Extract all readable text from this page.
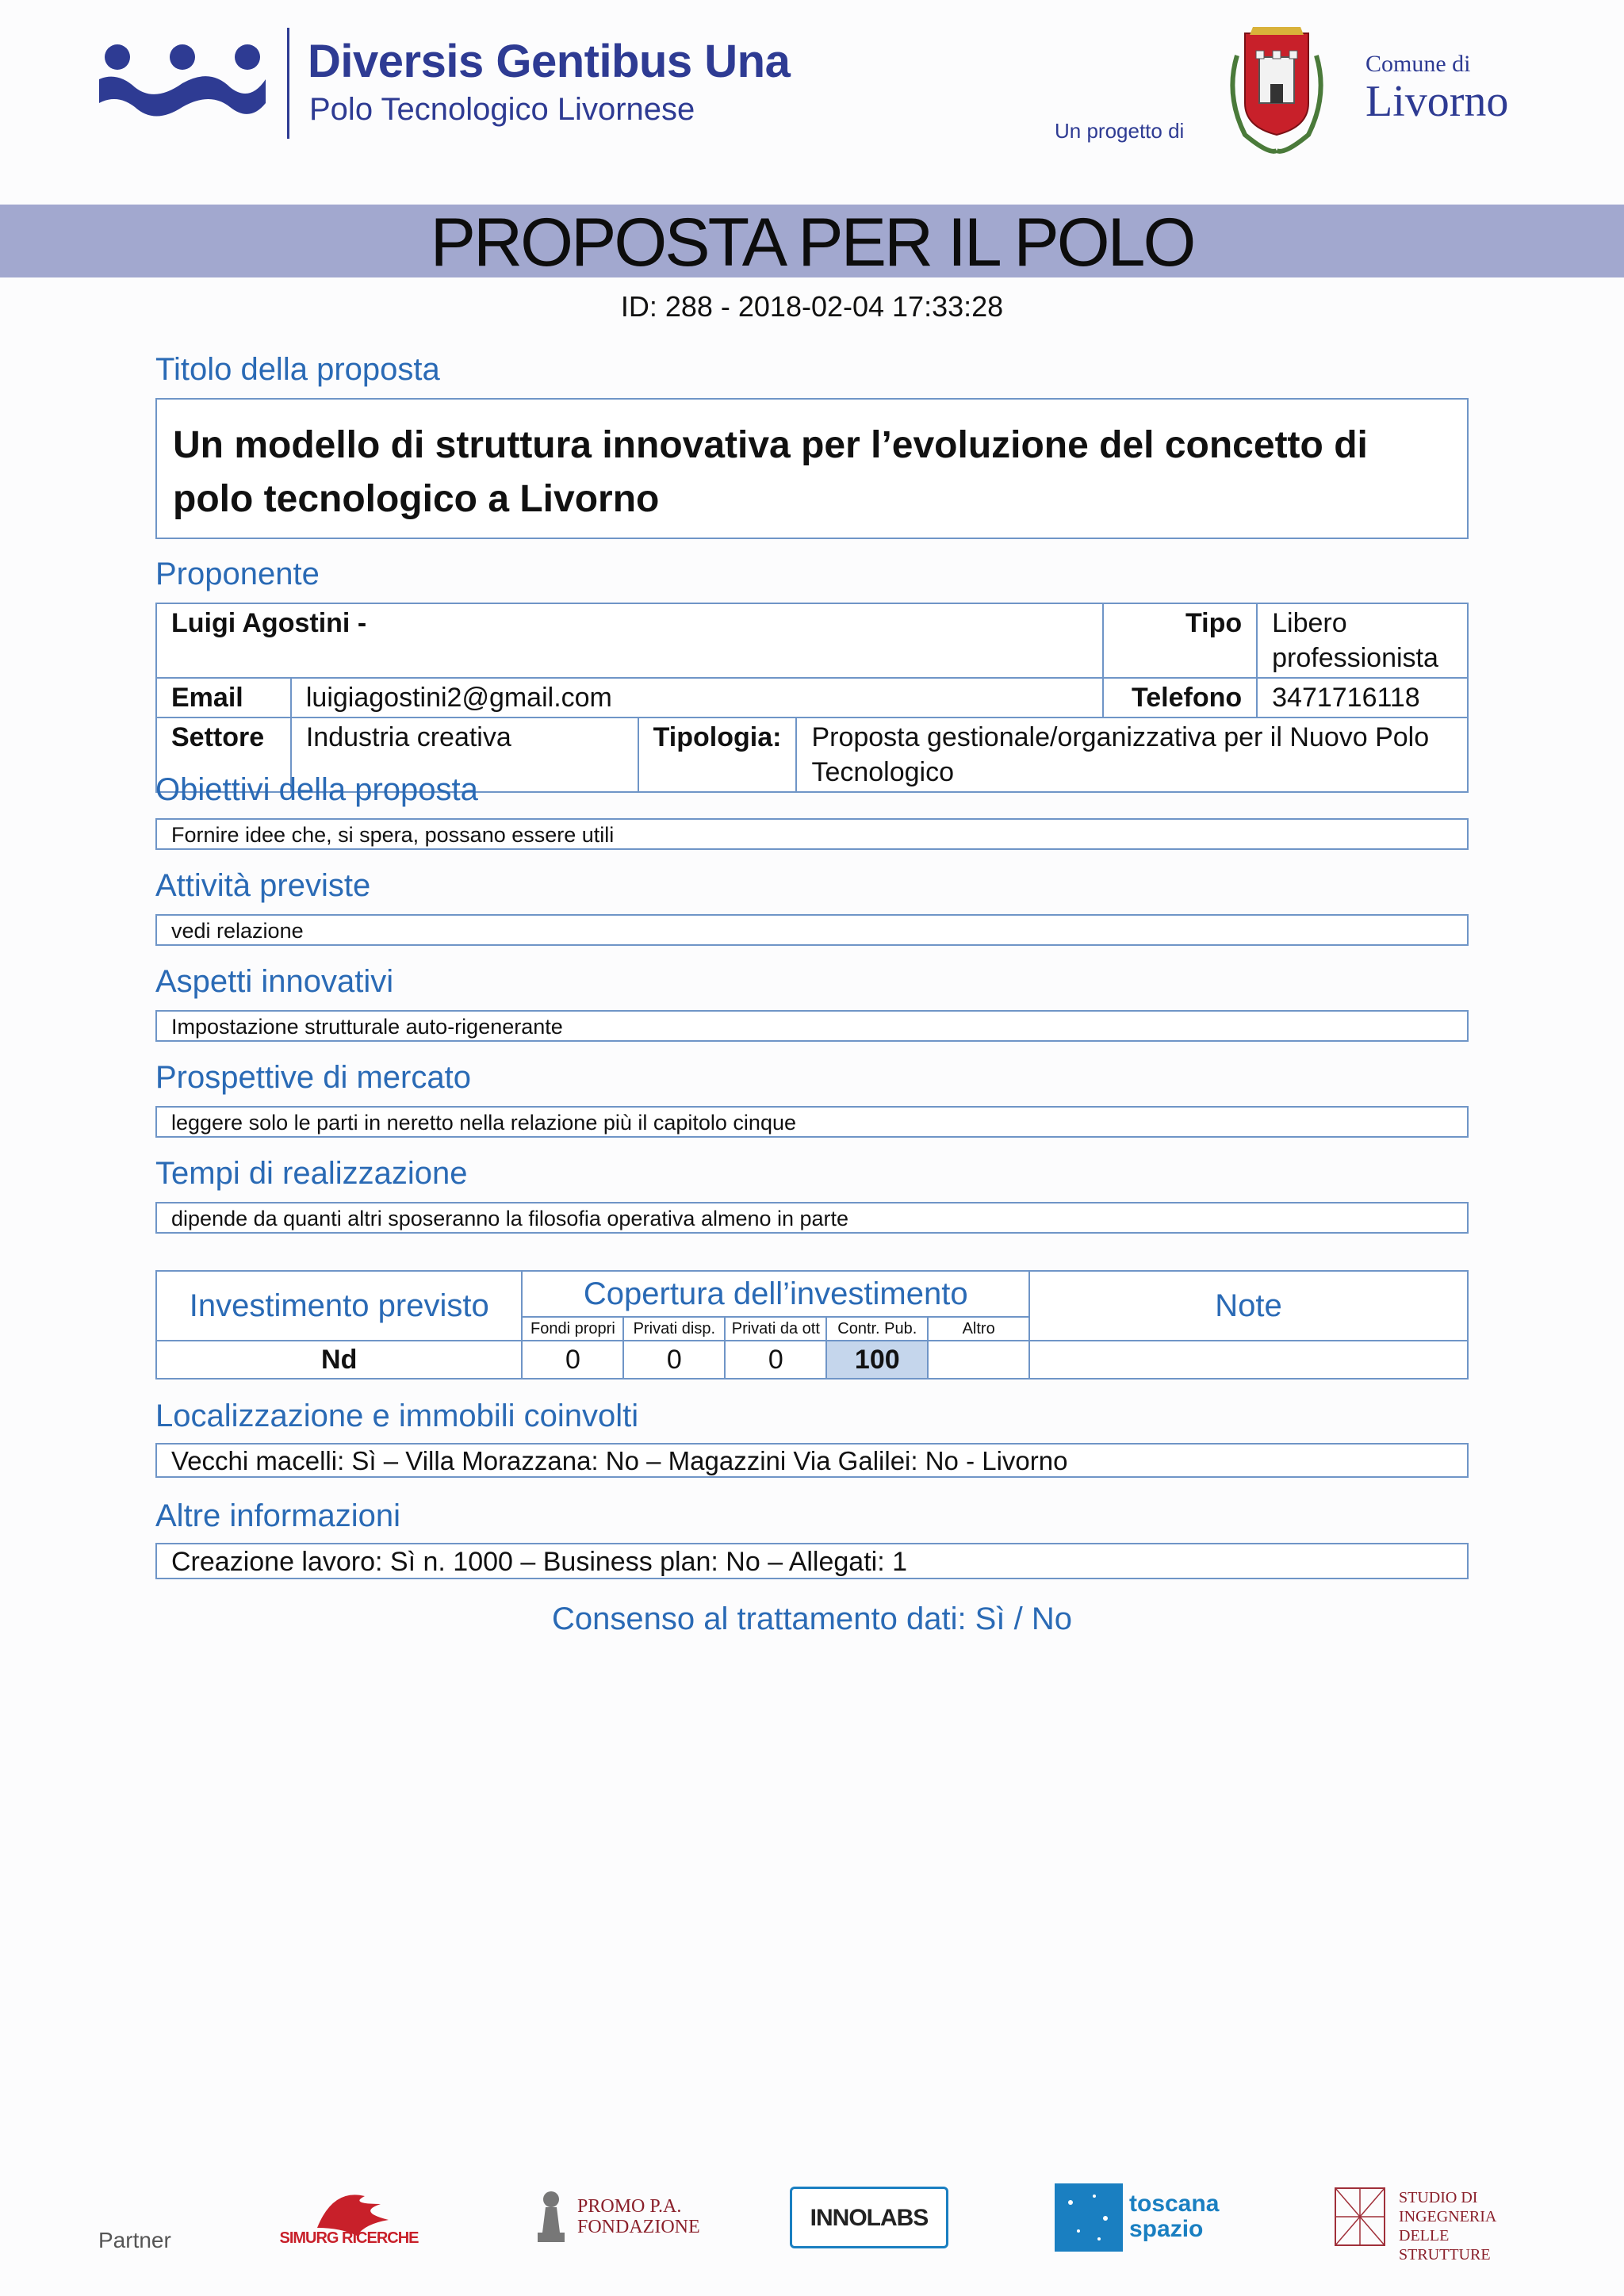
Diversis Gentibus Una
Polo Tecnologico Livornese
Un progetto di
Comune di
Livorno
PROPOSTA PER IL POLO
ID: 288 - 2018-02-04 17:33:28
Titolo della proposta
Un modello di struttura innovativa per l’evoluzione del concetto di polo tecnologico a Livorno
Proponente
Luigi Agostini -				Tipo	Libero professionista
Email	luigiagostini2@gmail.com			Telefono	3471716118
Settore	Industria creativa	Tipologia:	Proposta gestionale/organizzativa per il Nuovo Polo Tecnologico		
Obiettivi della proposta
Fornire idee che, si spera, possano essere utili
Attività previste
vedi relazione
Aspetti innovativi
Impostazione strutturale auto-rigenerante
Prospettive di mercato
leggere solo le parti in neretto nella relazione più il capitolo cinque
Tempi di realizzazione
dipende da quanti altri sposeranno la filosofia operativa almeno in parte
Investimento previsto	Copertura dell’investimento					Note
	Fondi propri	Privati disp.	Privati da ott	Contr. Pub.	Altro	
Nd	0	0	0	100		
Localizzazione e immobili coinvolti
Vecchi macelli: Sì – Villa Morazzana: No – Magazzini Via Galilei: No - Livorno
Altre informazioni
Creazione lavoro: Sì n. 1000 – Business plan: No – Allegati: 1
Consenso al trattamento dati: Sì / No
Partner	SIMURG RICERCHE
PROMO P.A. FONDAZIONE	INNOLABS
toscana spazio
STUDIO DI INGEGNERIA DELLE STRUTTURE
